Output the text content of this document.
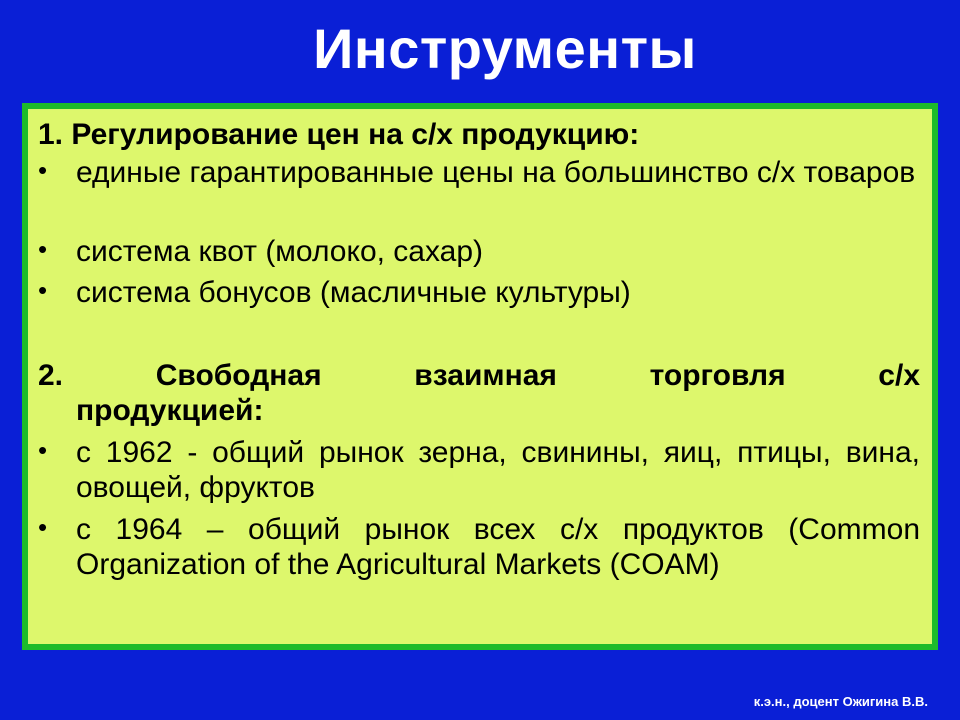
Инструменты
1. Регулирование цен на с/х продукцию:
• единые гарантированные цены на большинство с/х товаров
• система квот (молоко, сахар)
• система бонусов (масличные культуры)
2. Свободная взаимная торговля с/х
продукцией:
• с 1962 - общий рынок зерна, свинины, яиц, птицы, вина, овощей, фруктов
• с 1964 – общий рынок всех с/х продуктов (Common Organization of the Agricultural Markets (COAM)
к.э.н., доцент Ожигина В.В.
